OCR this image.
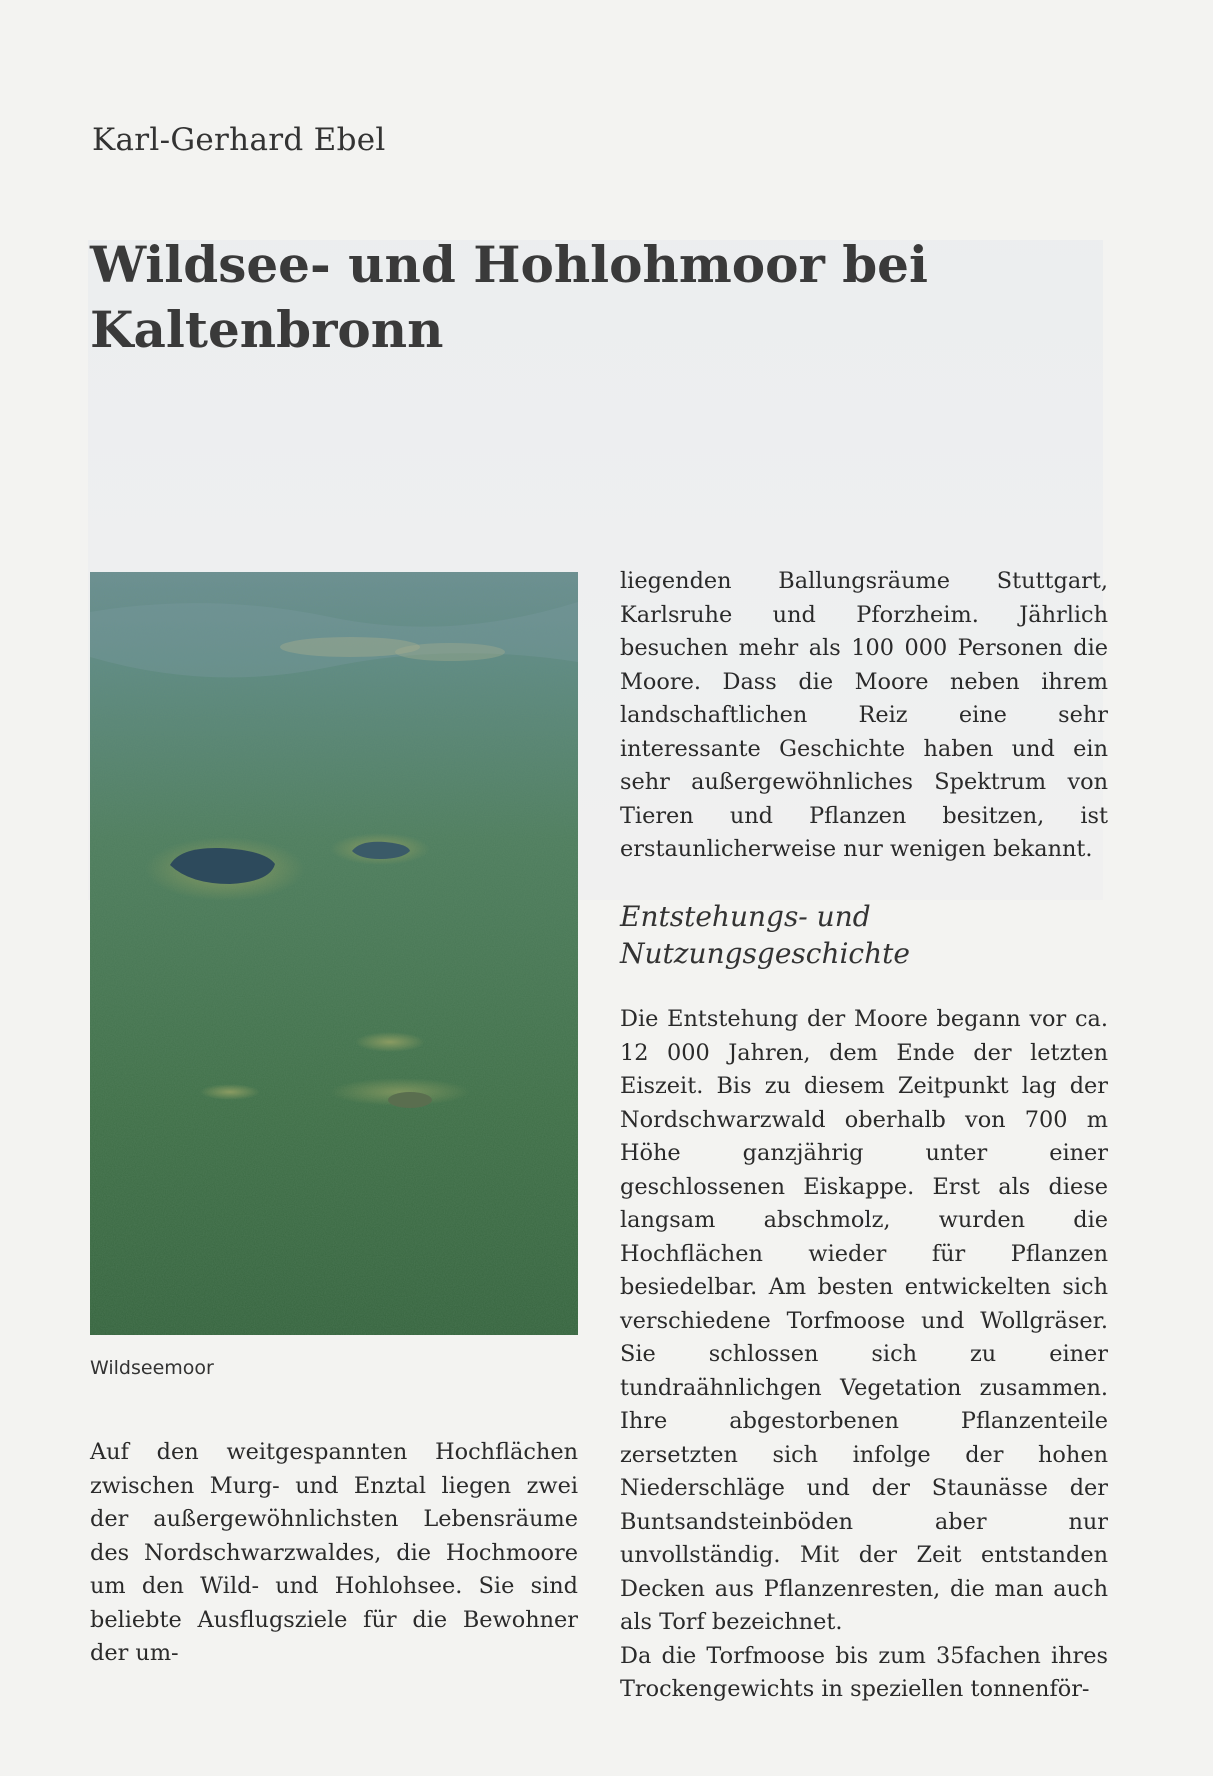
Karl-Gerhard Ebel
Wildsee- und Hohlohmoor bei Kaltenbronn
Wildseemoor

Auf den weitgespannten Hochflächen zwischen Murg- und Enztal liegen zwei der außergewöhnlichsten Lebensräume des Nordschwarzwaldes, die Hochmoore um den Wild- und Hohlohsee. Sie sind beliebte Ausflugsziele für die Bewohner der um-

liegenden Ballungsräume Stuttgart, Karlsruhe und Pforzheim. Jährlich besuchen mehr als 100 000 Personen die Moore. Dass die Moore neben ihrem landschaftlichen Reiz eine sehr interessante Geschichte haben und ein sehr außergewöhnliches Spektrum von Tieren und Pflanzen besitzen, ist erstaunlicherweise nur wenigen bekannt.

Entstehungs- und Nutzungsgeschichte

Die Entstehung der Moore begann vor ca. 12 000 Jahren, dem Ende der letzten Eiszeit. Bis zu diesem Zeitpunkt lag der Nordschwarzwald oberhalb von 700 m Höhe ganzjährig unter einer geschlossenen Eiskappe. Erst als diese langsam abschmolz, wurden die Hochflächen wieder für Pflanzen besiedelbar. Am besten entwickelten sich verschiedene Torfmoose und Wollgräser. Sie schlossen sich zu einer tundraähnlichgen Vegetation zusammen. Ihre abgestorbenen Pflanzenteile zersetzten sich infolge der hohen Niederschläge und der Staunässe der Buntsandsteinböden aber nur unvollständig. Mit der Zeit entstanden Decken aus Pflanzenresten, die man auch als Torf bezeichnet.

Da die Torfmoose bis zum 35fachen ihres Trockengewichts in speziellen tonnenför-
